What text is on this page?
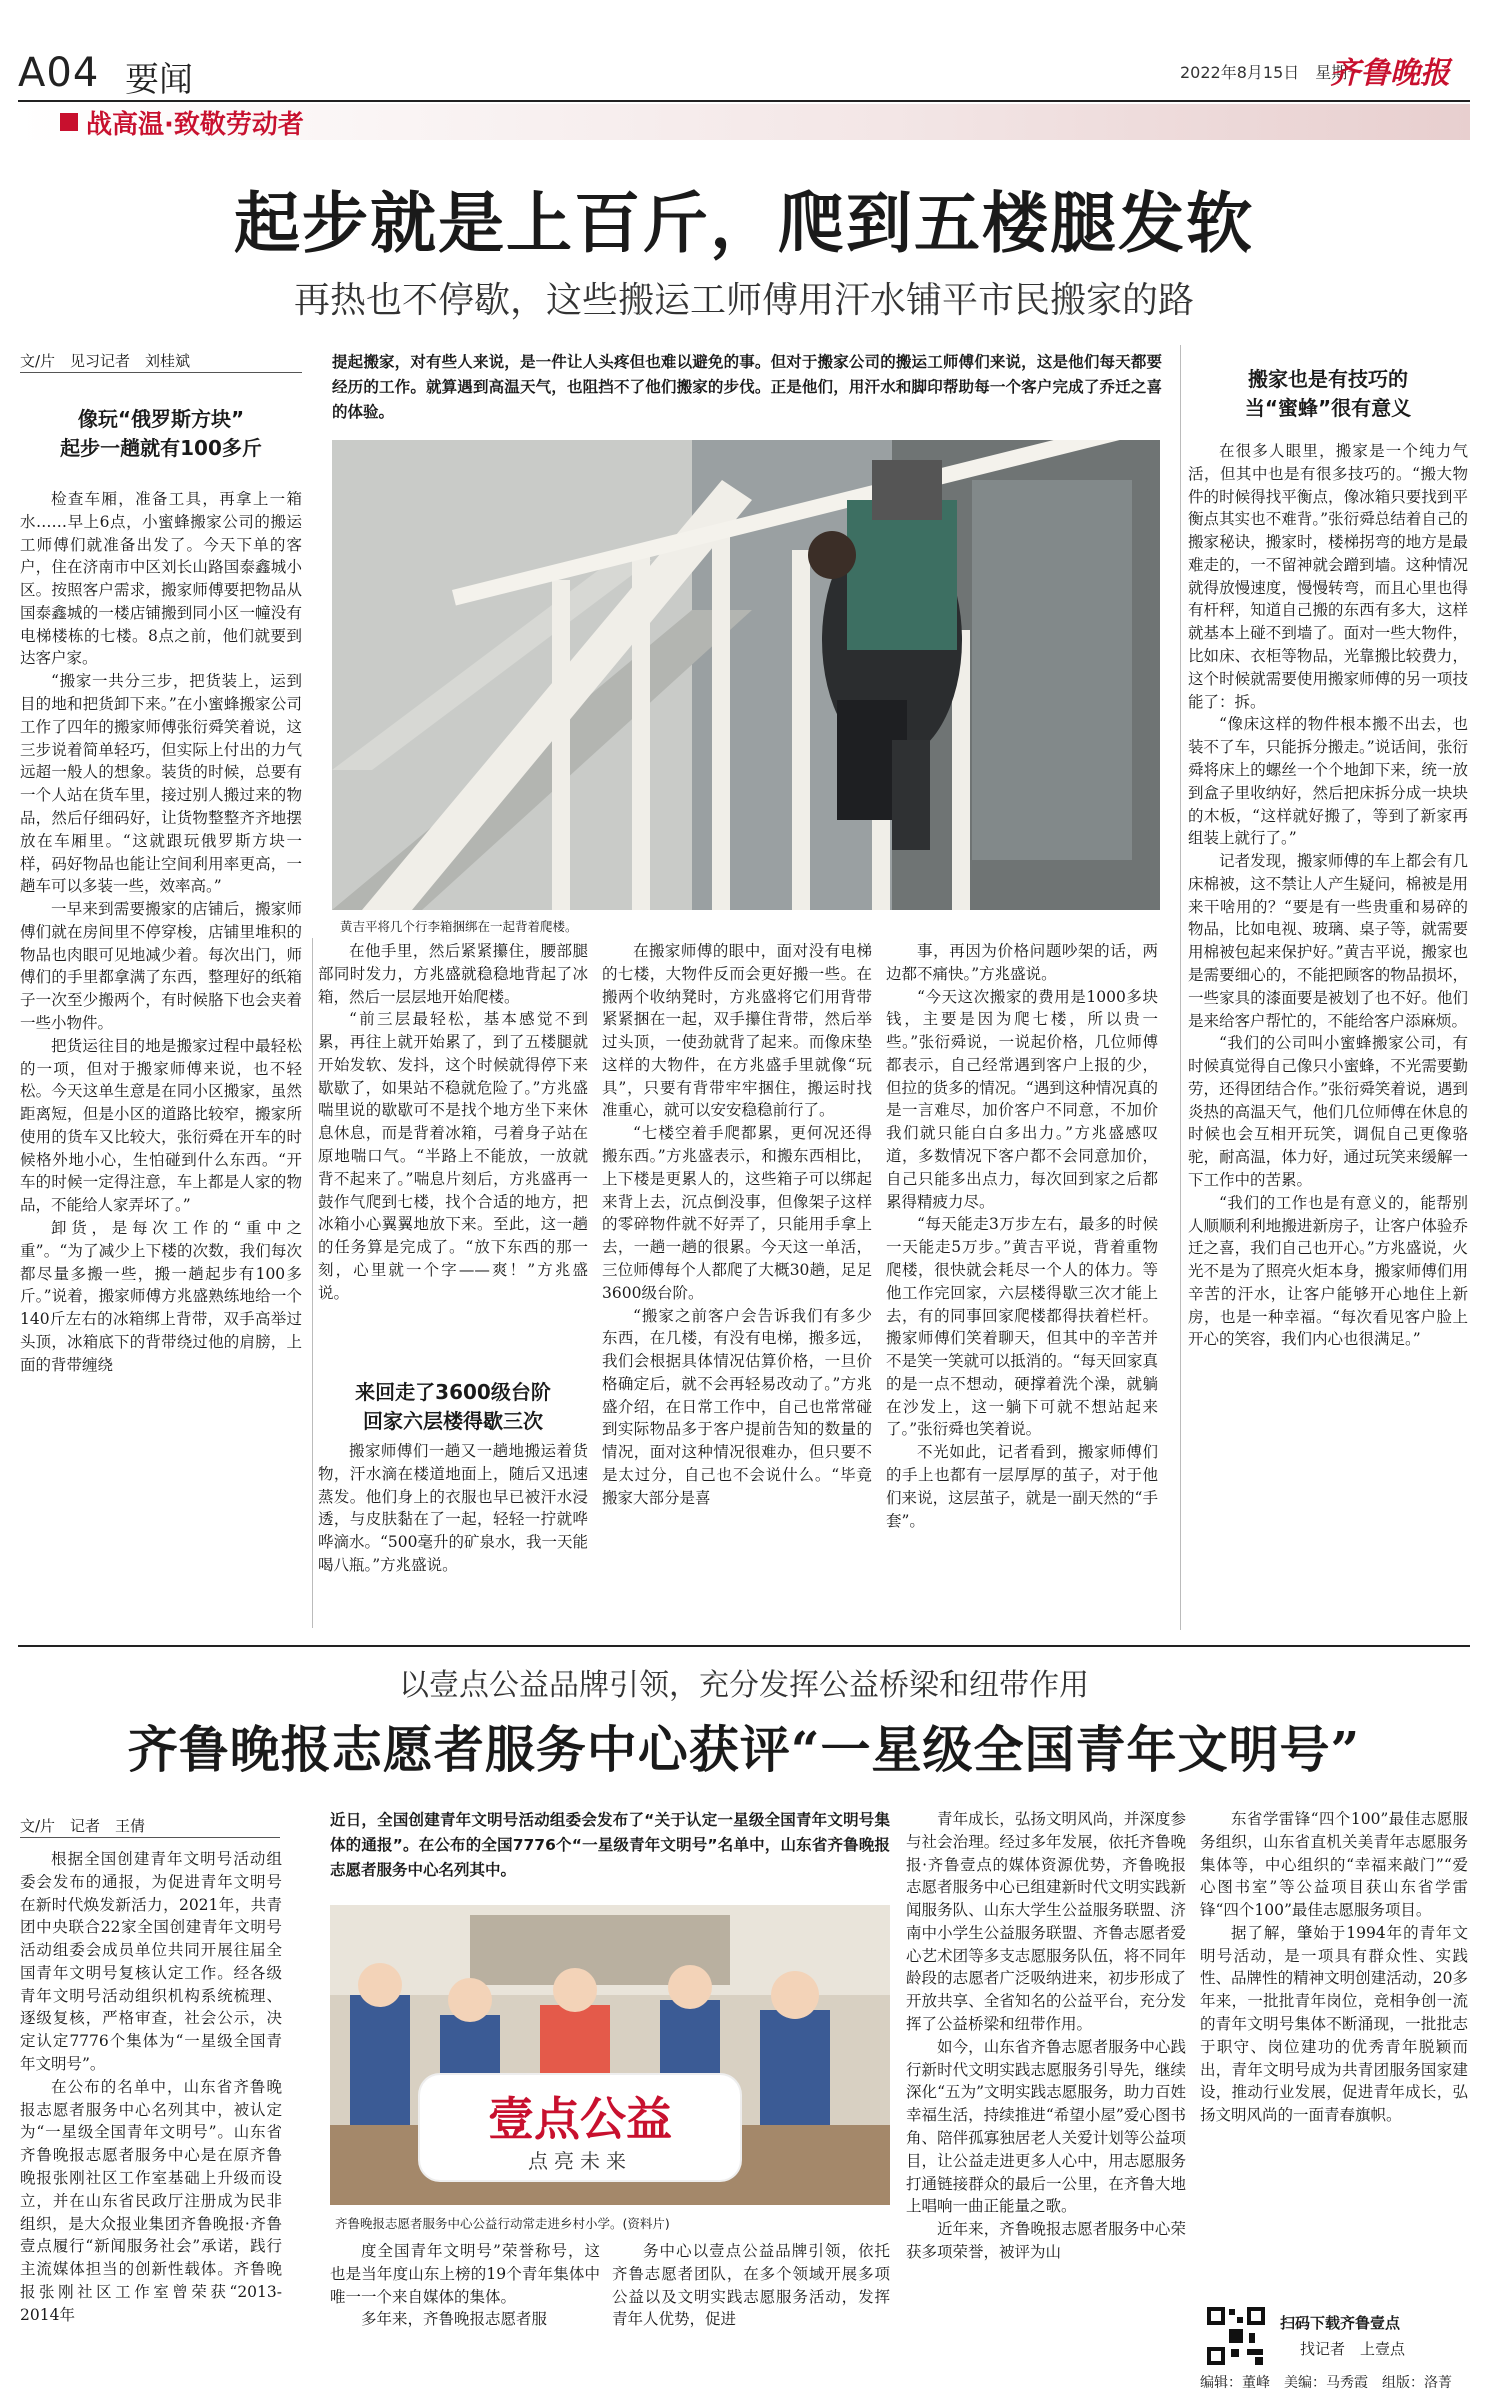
A04 要闻	2022年8月15日　星期一
齐鲁晚报
战高温·致敬劳动者
起步就是上百斤，爬到五楼腿发软
再热也不停歇，这些搬运工师傅用汗水铺平市民搬家的路
文/片　见习记者　刘桂斌
像玩“俄罗斯方块”
起步一趟就有100多斤

检查车厢，准备工具，再拿上一箱水……早上6点，小蜜蜂搬家公司的搬运工师傅们就准备出发了。今天下单的客户，住在济南市中区刘长山路国泰鑫城小区。按照客户需求，搬家师傅要把物品从国泰鑫城的一楼店铺搬到同小区一幢没有电梯楼栋的七楼。8点之前，他们就要到达客户家。

“搬家一共分三步，把货装上，运到目的地和把货卸下来。”在小蜜蜂搬家公司工作了四年的搬家师傅张衍舜笑着说，这三步说着简单轻巧，但实际上付出的力气远超一般人的想象。装货的时候，总要有一个人站在货车里，接过别人搬过来的物品，然后仔细码好，让货物整整齐齐地摆放在车厢里。“这就跟玩俄罗斯方块一样，码好物品也能让空间利用率更高，一趟车可以多装一些，效率高。”

一早来到需要搬家的店铺后，搬家师傅们就在房间里不停穿梭，店铺里堆积的物品也肉眼可见地减少着。每次出门，师傅们的手里都拿满了东西，整理好的纸箱子一次至少搬两个，有时候胳下也会夹着一些小物件。

把货运往目的地是搬家过程中最轻松的一项，但对于搬家师傅来说，也不轻松。今天这单生意是在同小区搬家，虽然距离短，但是小区的道路比较窄，搬家所使用的货车又比较大，张衍舜在开车的时候格外地小心，生怕碰到什么东西。“开车的时候一定得注意，车上都是人家的物品，不能给人家弄坏了。”

卸货，是每次工作的“重中之重”。“为了减少上下楼的次数，我们每次都尽量多搬一些，搬一趟起步有100多斤。”说着，搬家师傅方兆盛熟练地给一个140斤左右的冰箱绑上背带，双手高举过头顶，冰箱底下的背带绕过他的肩膀，上面的背带缠绕

提起搬家，对有些人来说，是一件让人头疼但也难以避免的事。但对于搬家公司的搬运工师傅们来说，这是他们每天都要经历的工作。就算遇到高温天气，也阻挡不了他们搬家的步伐。正是他们，用汗水和脚印帮助每一个客户完成了乔迁之喜的体验。
黄吉平将几个行李箱捆绑在一起背着爬楼。

在他手里，然后紧紧攥住，腰部腿部同时发力，方兆盛就稳稳地背起了冰箱，然后一层层地开始爬楼。

“前三层最轻松，基本感觉不到累，再往上就开始累了，到了五楼腿就开始发软、发抖，这个时候就得停下来歇歇了，如果站不稳就危险了。”方兆盛喘里说的歇歇可不是找个地方坐下来休息休息，而是背着冰箱，弓着身子站在原地喘口气。“半路上不能放，一放就背不起来了。”喘息片刻后，方兆盛再一鼓作气爬到七楼，找个合适的地方，把冰箱小心翼翼地放下来。至此，这一趟的任务算是完成了。“放下东西的那一刻，心里就一个字——爽！”方兆盛说。

来回走了3600级台阶
回家六层楼得歇三次
搬家师傅们一趟又一趟地搬运着货物，汗水滴在楼道地面上，随后又迅速蒸发。他们身上的衣服也早已被汗水浸透，与皮肤黏在了一起，轻轻一拧就哗哗滴水。“500毫升的矿泉水，我一天能喝八瓶。”方兆盛说。

在搬家师傅的眼中，面对没有电梯的七楼，大物件反而会更好搬一些。在搬两个收纳凳时，方兆盛将它们用背带紧紧捆在一起，双手攥住背带，然后举过头顶，一使劲就背了起来。而像床垫这样的大物件，在方兆盛手里就像“玩具”，只要有背带牢牢捆住，搬运时找准重心，就可以安安稳稳前行了。

“七楼空着手爬都累，更何况还得搬东西。”方兆盛表示，和搬东西相比，上下楼是更累人的，这些箱子可以绑起来背上去，沉点倒没事，但像架子这样的零碎物件就不好弄了，只能用手拿上去，一趟一趟的很累。今天这一单活，三位师傅每个人都爬了大概30趟，足足3600级台阶。

“搬家之前客户会告诉我们有多少东西，在几楼，有没有电梯，搬多远，我们会根据具体情况估算价格，一旦价格确定后，就不会再轻易改动了。”方兆盛介绍，在日常工作中，自己也常常碰到实际物品多于客户提前告知的数量的情况，面对这种情况很难办，但只要不是太过分，自己也不会说什么。“毕竟搬家大部分是喜

事，再因为价格问题吵架的话，两边都不痛快。”方兆盛说。

“今天这次搬家的费用是1000多块钱，主要是因为爬七楼，所以贵一些。”张衍舜说，一说起价格，几位师傅都表示，自己经常遇到客户上报的少，但拉的货多的情况。“遇到这种情况真的是一言难尽，加价客户不同意，不加价我们就只能白白多出力。”方兆盛感叹道，多数情况下客户都不会同意加价，自己只能多出点力，每次回到家之后都累得精疲力尽。

“每天能走3万步左右，最多的时候一天能走5万步。”黄吉平说，背着重物爬楼，很快就会耗尽一个人的体力。等他工作完回家，六层楼得歇三次才能上去，有的同事回家爬楼都得扶着栏杆。搬家师傅们笑着聊天，但其中的辛苦并不是笑一笑就可以抵消的。“每天回家真的是一点不想动，硬撑着洗个澡，就躺在沙发上，这一躺下可就不想站起来了。”张衍舜也笑着说。

不光如此，记者看到，搬家师傅们的手上也都有一层厚厚的茧子，对于他们来说，这层茧子，就是一副天然的“手套”。

搬家也是有技巧的
当“蜜蜂”很有意义

在很多人眼里，搬家是一个纯力气活，但其中也是有很多技巧的。“搬大物件的时候得找平衡点，像冰箱只要找到平衡点其实也不难背。”张衍舜总结着自己的搬家秘诀，搬家时，楼梯拐弯的地方是最难走的，一不留神就会蹭到墙。这种情况就得放慢速度，慢慢转弯，而且心里也得有杆秤，知道自己搬的东西有多大，这样就基本上碰不到墙了。面对一些大物件，比如床、衣柜等物品，光靠搬比较费力，这个时候就需要使用搬家师傅的另一项技能了：拆。

“像床这样的物件根本搬不出去，也装不了车，只能拆分搬走。”说话间，张衍舜将床上的螺丝一个个地卸下来，统一放到盒子里收纳好，然后把床拆分成一块块的木板，“这样就好搬了，等到了新家再组装上就行了。”

记者发现，搬家师傅的车上都会有几床棉被，这不禁让人产生疑问，棉被是用来干啥用的？“要是有一些贵重和易碎的物品，比如电视、玻璃、桌子等，就需要用棉被包起来保护好。”黄吉平说，搬家也是需要细心的，不能把顾客的物品损坏，一些家具的漆面要是被划了也不好。他们是来给客户帮忙的，不能给客户添麻烦。

“我们的公司叫小蜜蜂搬家公司，有时候真觉得自己像只小蜜蜂，不光需要勤劳，还得团结合作。”张衍舜笑着说，遇到炎热的高温天气，他们几位师傅在休息的时候也会互相开玩笑，调侃自己更像骆驼，耐高温，体力好，通过玩笑来缓解一下工作中的苦累。

“我们的工作也是有意义的，能帮别人顺顺利利地搬进新房子，让客户体验乔迁之喜，我们自己也开心。”方兆盛说，火光不是为了照亮火炬本身，搬家师傅们用辛苦的汗水，让客户能够开心地住上新房，也是一种幸福。“每次看见客户脸上开心的笑容，我们内心也很满足。”

以壹点公益品牌引领，充分发挥公益桥梁和纽带作用
齐鲁晚报志愿者服务中心获评“一星级全国青年文明号”
文/片　记者　王倩

根据全国创建青年文明号活动组委会发布的通报，为促进青年文明号在新时代焕发新活力，2021年，共青团中央联合22家全国创建青年文明号活动组委会成员单位共同开展往届全国青年文明号复核认定工作。经各级青年文明号活动组织机构系统梳理、逐级复核，严格审查，社会公示，决定认定7776个集体为“一星级全国青年文明号”。

在公布的名单中，山东省齐鲁晚报志愿者服务中心名列其中，被认定为“一星级全国青年文明号”。山东省齐鲁晚报志愿者服务中心是在原齐鲁晚报张刚社区工作室基础上升级而设立，并在山东省民政厅注册成为民非组织，是大众报业集团齐鲁晚报·齐鲁壹点履行“新闻服务社会”承诺，践行主流媒体担当的创新性载体。齐鲁晚报张刚社区工作室曾荣获“2013-2014年

近日，全国创建青年文明号活动组委会发布了“关于认定一星级全国青年文明号集体的通报”。在公布的全国7776个“一星级青年文明号”名单中，山东省齐鲁晚报志愿者服务中心名列其中。
壹点公益
点亮未来
齐鲁晚报志愿者服务中心公益行动常走进乡村小学。(资料片)

度全国青年文明号”荣誉称号，这也是当年度山东上榜的19个青年集体中唯一一个来自媒体的集体。

多年来，齐鲁晚报志愿者服

务中心以壹点公益品牌引领，依托齐鲁志愿者团队，在多个领域开展多项公益以及文明实践志愿服务活动，发挥青年人优势，促进

青年成长，弘扬文明风尚，并深度参与社会治理。经过多年发展，依托齐鲁晚报·齐鲁壹点的媒体资源优势，齐鲁晚报志愿者服务中心已组建新时代文明实践新闻服务队、山东大学生公益服务联盟、济南中小学生公益服务联盟、齐鲁志愿者爱心艺术团等多支志愿服务队伍，将不同年龄段的志愿者广泛吸纳进来，初步形成了开放共享、全省知名的公益平台，充分发挥了公益桥梁和纽带作用。

如今，山东省齐鲁志愿者服务中心践行新时代文明实践志愿服务引导先，继续深化“五为”文明实践志愿服务，助力百姓幸福生活，持续推进“希望小屋”爱心图书角、陪伴孤寡独居老人关爱计划等公益项目，让公益走进更多人心中，用志愿服务打通链接群众的最后一公里，在齐鲁大地上唱响一曲正能量之歌。

近年来，齐鲁晚报志愿者服务中心荣获多项荣誉，被评为山

东省学雷锋“四个100”最佳志愿服务组织，山东省直机关美青年志愿服务集体等，中心组织的“幸福来敲门”“爱心图书室”等公益项目获山东省学雷锋“四个100”最佳志愿服务项目。

据了解，肇始于1994年的青年文明号活动，是一项具有群众性、实践性、品牌性的精神文明创建活动，20多年来，一批批青年岗位，竞相争创一流的青年文明号集体不断涌现，一批批志于职守、岗位建功的优秀青年脱颖而出，青年文明号成为共青团服务国家建设，推动行业发展，促进青年成长，弘扬文明风尚的一面青春旗帜。

扫码下载齐鲁壹点
找记者　上壹点
编辑：董峰　美编：马秀霞　组版：洛菁
